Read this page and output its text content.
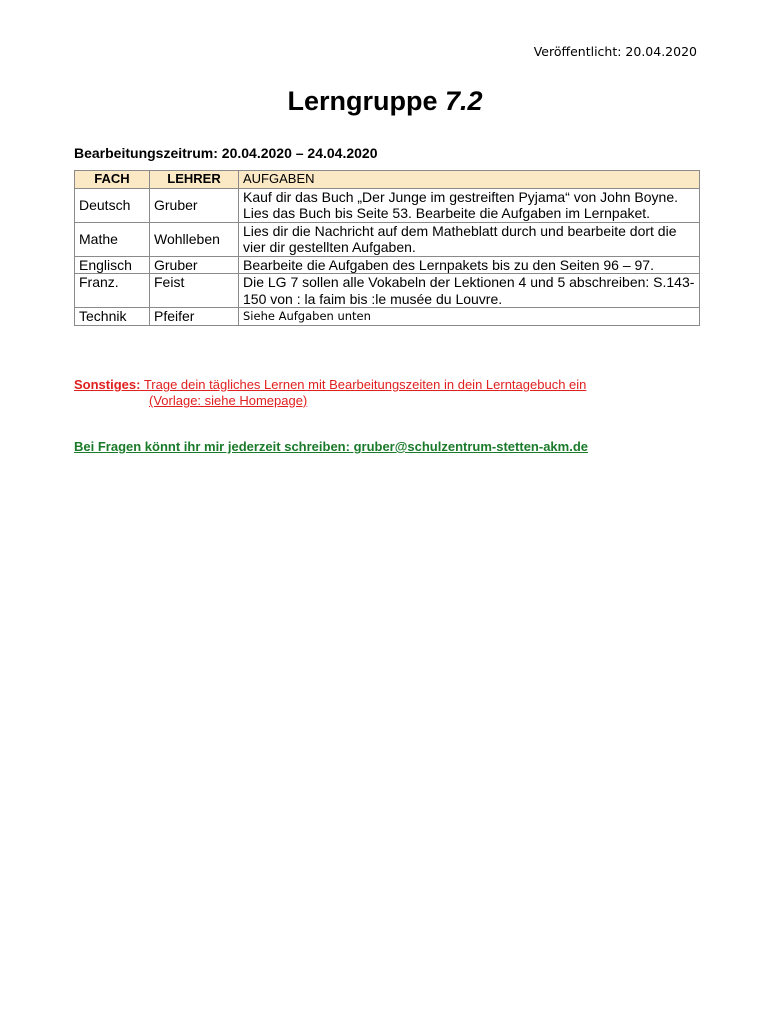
Veröffentlicht: 20.04.2020
Lerngruppe 7.2
Bearbeitungszeitrum: 20.04.2020 – 24.04.2020
FACH	LEHRER	AUFGABEN
Deutsch	Gruber	Kauf dir das Buch „Der Junge im gestreiften Pyjama“ von John Boyne. Lies das Buch bis Seite 53. Bearbeite die Aufgaben im Lernpaket.
Mathe	Wohlleben	Lies dir die Nachricht auf dem Matheblatt durch und bearbeite dort die vier dir gestellten Aufgaben.
Englisch	Gruber	Bearbeite die Aufgaben des Lernpakets bis zu den Seiten 96 – 97.
Franz.	Feist	Die LG 7 sollen alle Vokabeln der Lektionen 4 und 5 abschreiben: S.143-150 von : la faim bis :le musée du Louvre.
Technik	Pfeifer	Siehe Aufgaben unten
Sonstiges: Trage dein tägliches Lernen mit Bearbeitungszeiten in dein Lerntagebuch ein
(Vorlage: siehe Homepage)
Bei Fragen könnt ihr mir jederzeit schreiben: gruber@schulzentrum-stetten-akm.de
